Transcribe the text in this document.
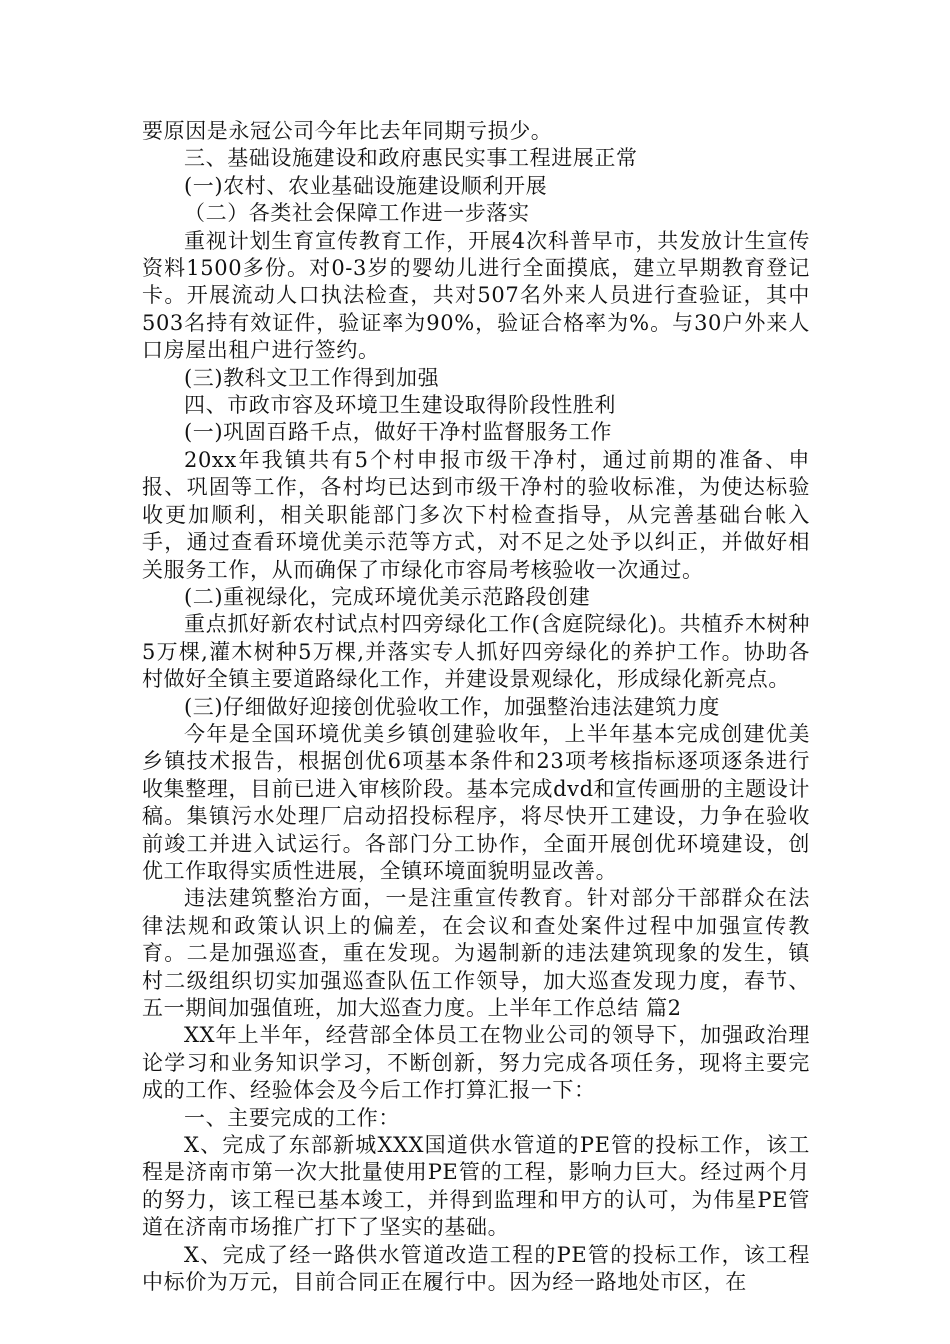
要原因是永冠公司今年比去年同期亏损少。

三、基础设施建设和政府惠民实事工程进展正常

(一)农村、农业基础设施建设顺利开展

（二）各类社会保障工作进一步落实

重视计划生育宣传教育工作，开展4次科普早市，共发放计生宣传资料1500多份。对0-3岁的婴幼儿进行全面摸底，建立早期教育登记卡。开展流动人口执法检查，共对507名外来人员进行查验证，其中503名持有效证件，验证率为90%，验证合格率为%。与30户外来人口房屋出租户进行签约。

(三)教科文卫工作得到加强

四、市政市容及环境卫生建设取得阶段性胜利

(一)巩固百路千点，做好干净村监督服务工作

20xx年我镇共有5个村申报市级干净村，通过前期的准备、申报、巩固等工作，各村均已达到市级干净村的验收标准，为使达标验收更加顺利，相关职能部门多次下村检查指导，从完善基础台帐入手，通过查看环境优美示范等方式，对不足之处予以纠正，并做好相关服务工作，从而确保了市绿化市容局考核验收一次通过。

(二)重视绿化，完成环境优美示范路段创建

重点抓好新农村试点村四旁绿化工作(含庭院绿化)。共植乔木树种5万棵,灌木树种5万棵,并落实专人抓好四旁绿化的养护工作。协助各村做好全镇主要道路绿化工作，并建设景观绿化，形成绿化新亮点。

(三)仔细做好迎接创优验收工作，加强整治违法建筑力度

今年是全国环境优美乡镇创建验收年，上半年基本完成创建优美乡镇技术报告，根据创优6项基本条件和23项考核指标逐项逐条进行收集整理，目前已进入审核阶段。基本完成dvd和宣传画册的主题设计稿。集镇污水处理厂启动招投标程序，将尽快开工建设，力争在验收前竣工并进入试运行。各部门分工协作，全面开展创优环境建设，创优工作取得实质性进展，全镇环境面貌明显改善。

违法建筑整治方面，一是注重宣传教育。针对部分干部群众在法律法规和政策认识上的偏差，在会议和查处案件过程中加强宣传教育。二是加强巡查，重在发现。为遏制新的违法建筑现象的发生，镇村二级组织切实加强巡查队伍工作领导，加大巡查发现力度，春节、五一期间加强值班，加大巡查力度。上半年工作总结 篇2

XX年上半年，经营部全体员工在物业公司的领导下，加强政治理论学习和业务知识学习，不断创新，努力完成各项任务，现将主要完成的工作、经验体会及今后工作打算汇报一下：

一、主要完成的工作：

X、完成了东部新城XXX国道供水管道的PE管的投标工作，该工程是济南市第一次大批量使用PE管的工程，影响力巨大。经过两个月的努力，该工程已基本竣工，并得到监理和甲方的认可，为伟星PE管道在济南市场推广打下了坚实的基础。

X、完成了经一路供水管道改造工程的PE管的投标工作，该工程中标价为万元，目前合同正在履行中。因为经一路地处市区，在
